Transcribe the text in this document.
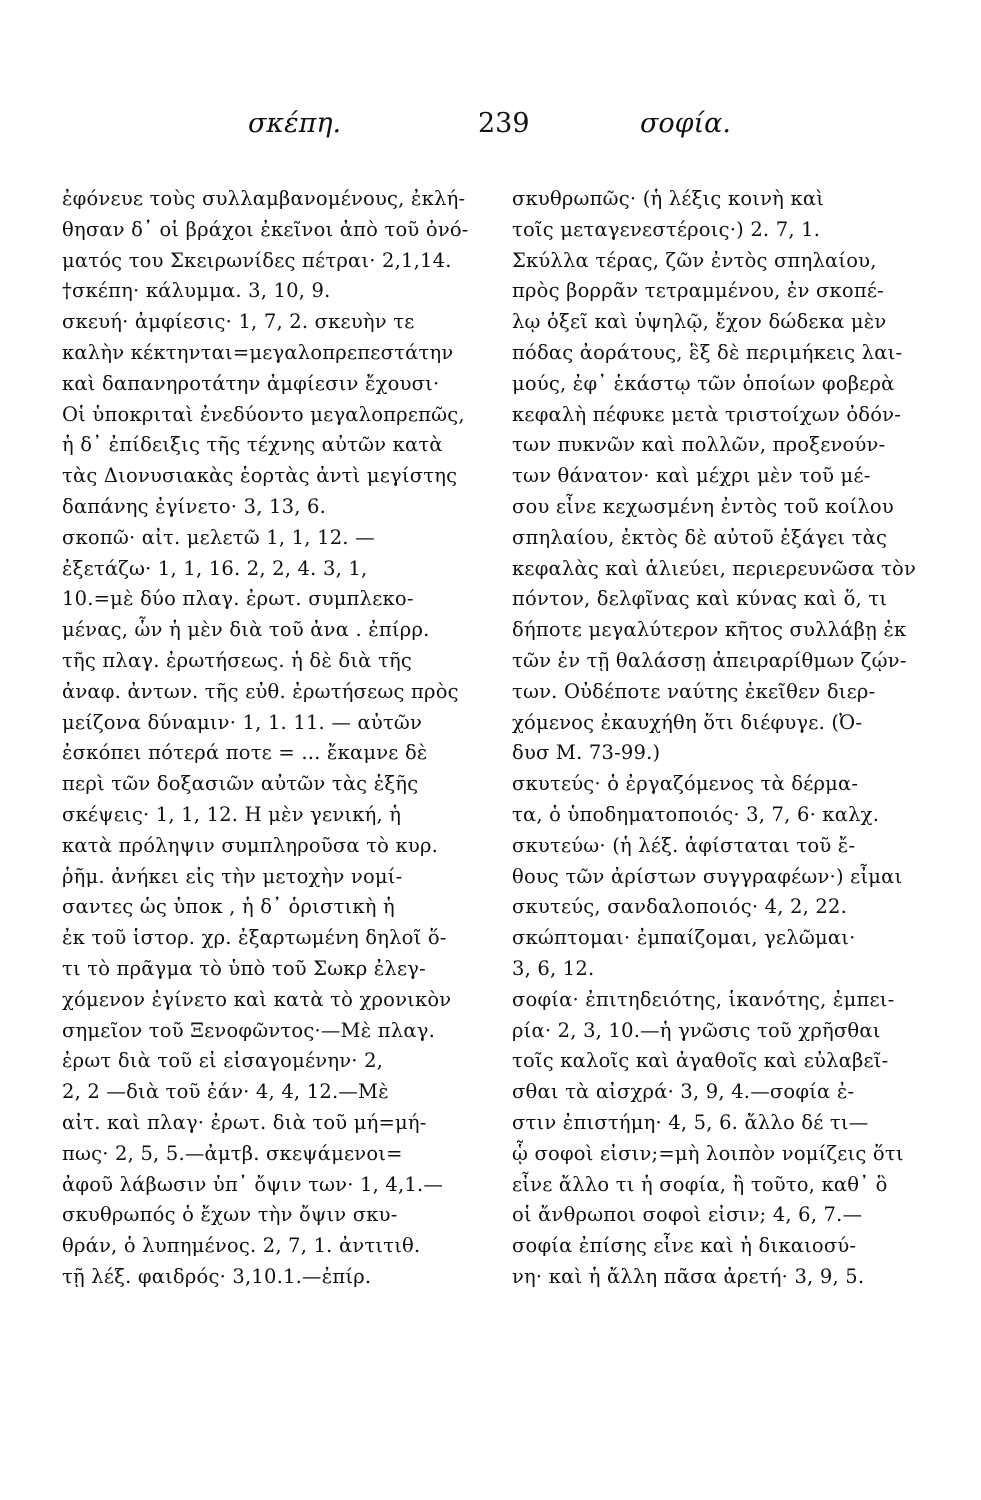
σκέπη.	239	σοφία.
ἐφόνευε τοὺς συλλαμβανομένους, ἐκλή-
θησαν δ᾽ οἱ βράχοι ἐκεῖνοι ἀπὸ τοῦ ὀνό-
ματός του Σκειρωνίδες πέτραι· 2,1,14.
†σκέπη· κάλυμμα. 3, 10, 9.
σκευή· ἀμφίεσις· 1, 7, 2. σκευὴν τε
καλὴν κέκτηνται=μεγαλοπρεπεστάτην
καὶ δαπανηροτάτην ἀμφίεσιν ἔχουσι·
Οἱ ὑποκριταὶ ἐνεδύοντο μεγαλοπρεπῶς,
ἡ δ᾽ ἐπίδειξις τῆς τέχνης αὐτῶν κατὰ
τὰς Διονυσιακὰς ἑορτὰς ἀντὶ μεγίστης
δαπάνης ἐγίνετο· 3, 13, 6.
σκοπῶ· αἰτ. μελετῶ 1, 1, 12. —
ἐξετάζω· 1, 1, 16. 2, 2, 4. 3, 1,
10.=μὲ δύο πλαγ. ἐρωτ. συμπλεκο-
μένας, ὧν ἡ μὲν διὰ τοῦ ἀνα . ἐπίρρ.
τῆς πλαγ. ἐρωτήσεως. ἡ δὲ διὰ τῆς
ἀναφ. ἀντων. τῆς εὐθ. ἐρωτήσεως πρὸς
μείζονα δύναμιν· 1, 1. 11. — αὐτῶν
ἐσκόπει πότερά ποτε = ... ἔκαμνε δὲ
περὶ τῶν δοξασιῶν αὐτῶν τὰς ἑξῆς
σκέψεις· 1, 1, 12. Η μὲν γενική, ἡ
κατὰ πρόληψιν συμπληροῦσα τὸ κυρ.
ῥῆμ. ἀνήκει εἰς τὴν μετοχὴν νομί-
σαντες ὡς ὑποκ , ἡ δ᾽ ὁριστικὴ ἡ
ἐκ τοῦ ἱστορ. χρ. ἐξαρτωμένη δηλοῖ ὅ-
τι τὸ πρᾶγμα τὸ ὑπὸ τοῦ Σωκρ ἐλεγ-
χόμενον ἐγίνετο καὶ κατὰ τὸ χρονικὸν
σημεῖον τοῦ Ξενοφῶντος·—Μὲ πλαγ.
ἐρωτ διὰ τοῦ εἰ εἰσαγομένην· 2,
2, 2 —διὰ τοῦ ἐάν· 4, 4, 12.—Μὲ
αἰτ. καὶ πλαγ· ἐρωτ. διὰ τοῦ μή=μή-
πως· 2, 5, 5.—ἀμτβ. σκεψάμενοι=
ἀφοῦ λάβωσιν ὑπ᾽ ὄψιν των· 1, 4,1.—
σκυθρωπός ὁ ἔχων τὴν ὄψιν σκυ-
θράν, ὁ λυπημένος. 2, 7, 1. ἀντιτιθ.
τῇ λέξ. φαιδρός· 3,10.1.—ἐπίρ.
σκυθρωπῶς· (ἡ λέξις κοινὴ καὶ
τοῖς μεταγενεστέροις·) 2. 7, 1.
Σκύλλα τέρας, ζῶν ἐντὸς σπηλαίου,
πρὸς βορρᾶν τετραμμένου, ἐν σκοπέ-
λῳ ὀξεῖ καὶ ὑψηλῷ, ἔχον δώδεκα μὲν
πόδας ἀοράτους, ἓξ δὲ περιμήκεις λαι-
μούς, ἐφ᾽ ἑκάστῳ τῶν ὁποίων φοβερὰ
κεφαλὴ πέφυκε μετὰ τριστοίχων ὀδόν-
των πυκνῶν καὶ πολλῶν, προξενούν-
των θάνατον· καὶ μέχρι μὲν τοῦ μέ-
σου εἶνε κεχωσμένη ἐντὸς τοῦ κοίλου
σπηλαίου, ἐκτὸς δὲ αὐτοῦ ἐξάγει τὰς
κεφαλὰς καὶ ἁλιεύει, περιερευνῶσα τὸν
πόντον, δελφῖνας καὶ κύνας καὶ ὅ, τι
δήποτε μεγαλύτερον κῆτος συλλάβῃ ἐκ
τῶν ἐν τῇ θαλάσσῃ ἀπειραρίθμων ζῴν-
των. Οὐδέποτε ναύτης ἐκεῖθεν διερ-
χόμενος ἐκαυχήθη ὅτι διέφυγε. (Ὀ-
δυσ Μ. 73-99.)
σκυτεύς· ὁ ἐργαζόμενος τὰ δέρμα-
τα, ὁ ὑποδηματοποιός· 3, 7, 6· καλχ.
σκυτεύω· (ἡ λέξ. ἀφίσταται τοῦ ἔ-
θους τῶν ἀρίστων συγγραφέων·) εἶμαι
σκυτεύς, σανδαλοποιός· 4, 2, 22.
σκώπτομαι· ἐμπαίζομαι, γελῶμαι·
3, 6, 12.
σοφία· ἐπιτηδειότης, ἱκανότης, ἐμπει-
ρία· 2, 3, 10.—ἡ γνῶσις τοῦ χρῆσθαι
τοῖς καλοῖς καὶ ἀγαθοῖς καὶ εὐλαβεῖ-
σθαι τὰ αἰσχρά· 3, 9, 4.—σοφία ἐ-
στιν ἐπιστήμη· 4, 5, 6. ἄλλο δέ τι—
ᾧ σοφοὶ εἰσιν;=μὴ λοιπὸν νομίζεις ὅτι
εἶνε ἄλλο τι ἡ σοφία, ἢ τοῦτο, καθ᾽ ὃ
οἱ ἄνθρωποι σοφοὶ εἰσιν; 4, 6, 7.—
σοφία ἐπίσης εἶνε καὶ ἡ δικαιοσύ-
νη· καὶ ἡ ἄλλη πᾶσα ἀρετή· 3, 9, 5.
